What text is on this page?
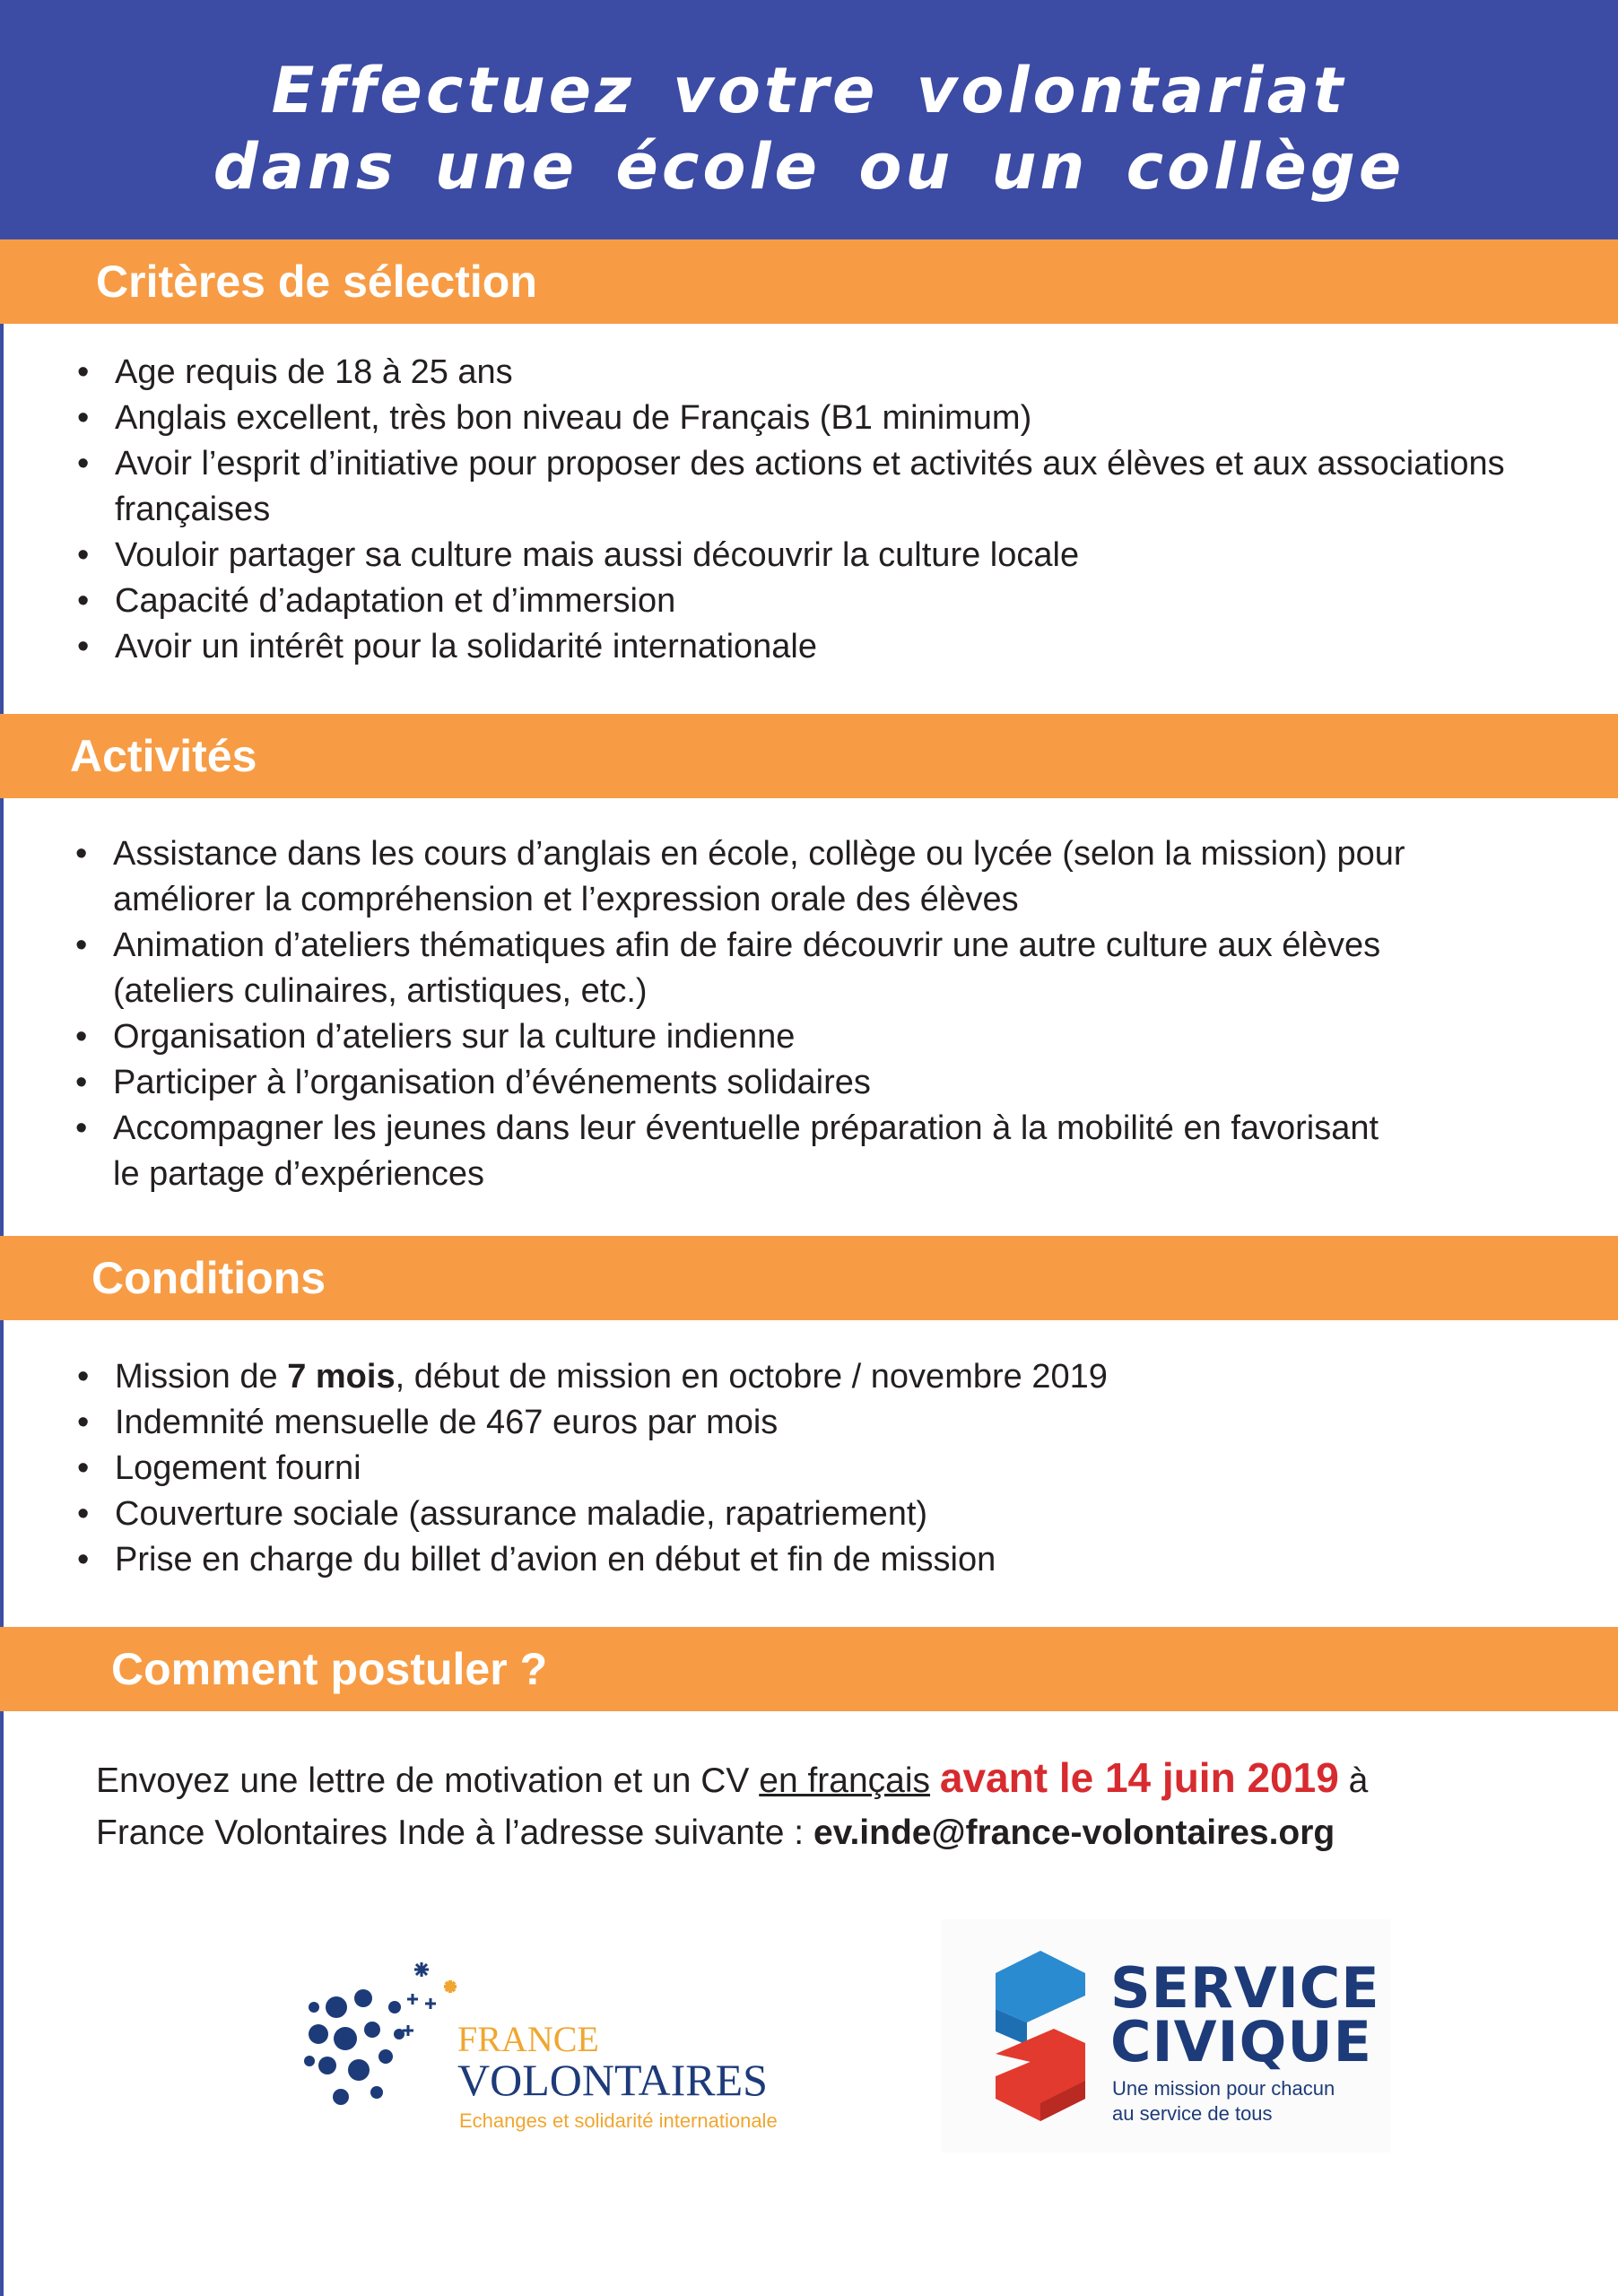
Effectuez votre volontariat
dans une école ou un collège
Critères de sélection
• Age requis de 18 à 25 ans
• Anglais excellent, très bon niveau de Français (B1 minimum)
• Avoir l’esprit d’initiative pour proposer des actions et activités aux élèves et aux associations
françaises
• Vouloir partager sa culture mais aussi découvrir la culture locale
• Capacité d’adaptation et d’immersion
• Avoir un intérêt pour la solidarité internationale
Activités
• Assistance dans les cours d’anglais en école, collège ou lycée (selon la mission) pour
améliorer la compréhension et l’expression orale des élèves
• Animation d’ateliers thématiques afin de faire découvrir une autre culture aux élèves
(ateliers culinaires, artistiques, etc.)
• Organisation d’ateliers sur la culture indienne
• Participer à l’organisation d’événements solidaires
• Accompagner les jeunes dans leur éventuelle préparation à la mobilité en favorisant
le partage d’expériences
Conditions
• Mission de 7 mois, début de mission en octobre / novembre 2019
• Indemnité mensuelle de 467 euros par mois
• Logement fourni
• Couverture sociale (assurance maladie, rapatriement)
• Prise en charge du billet d’avion en début et fin de mission
Comment postuler ?
Envoyez une lettre de motivation et un CV en français avant le 14 juin 2019 à
France Volontaires Inde à l’adresse suivante : ev.inde@france-volontaires.org
FRANCE
VOLONTAIRES
Echanges et solidarité internationale
SERVICE
CIVIQUE
Une mission pour chacun
au service de tous
